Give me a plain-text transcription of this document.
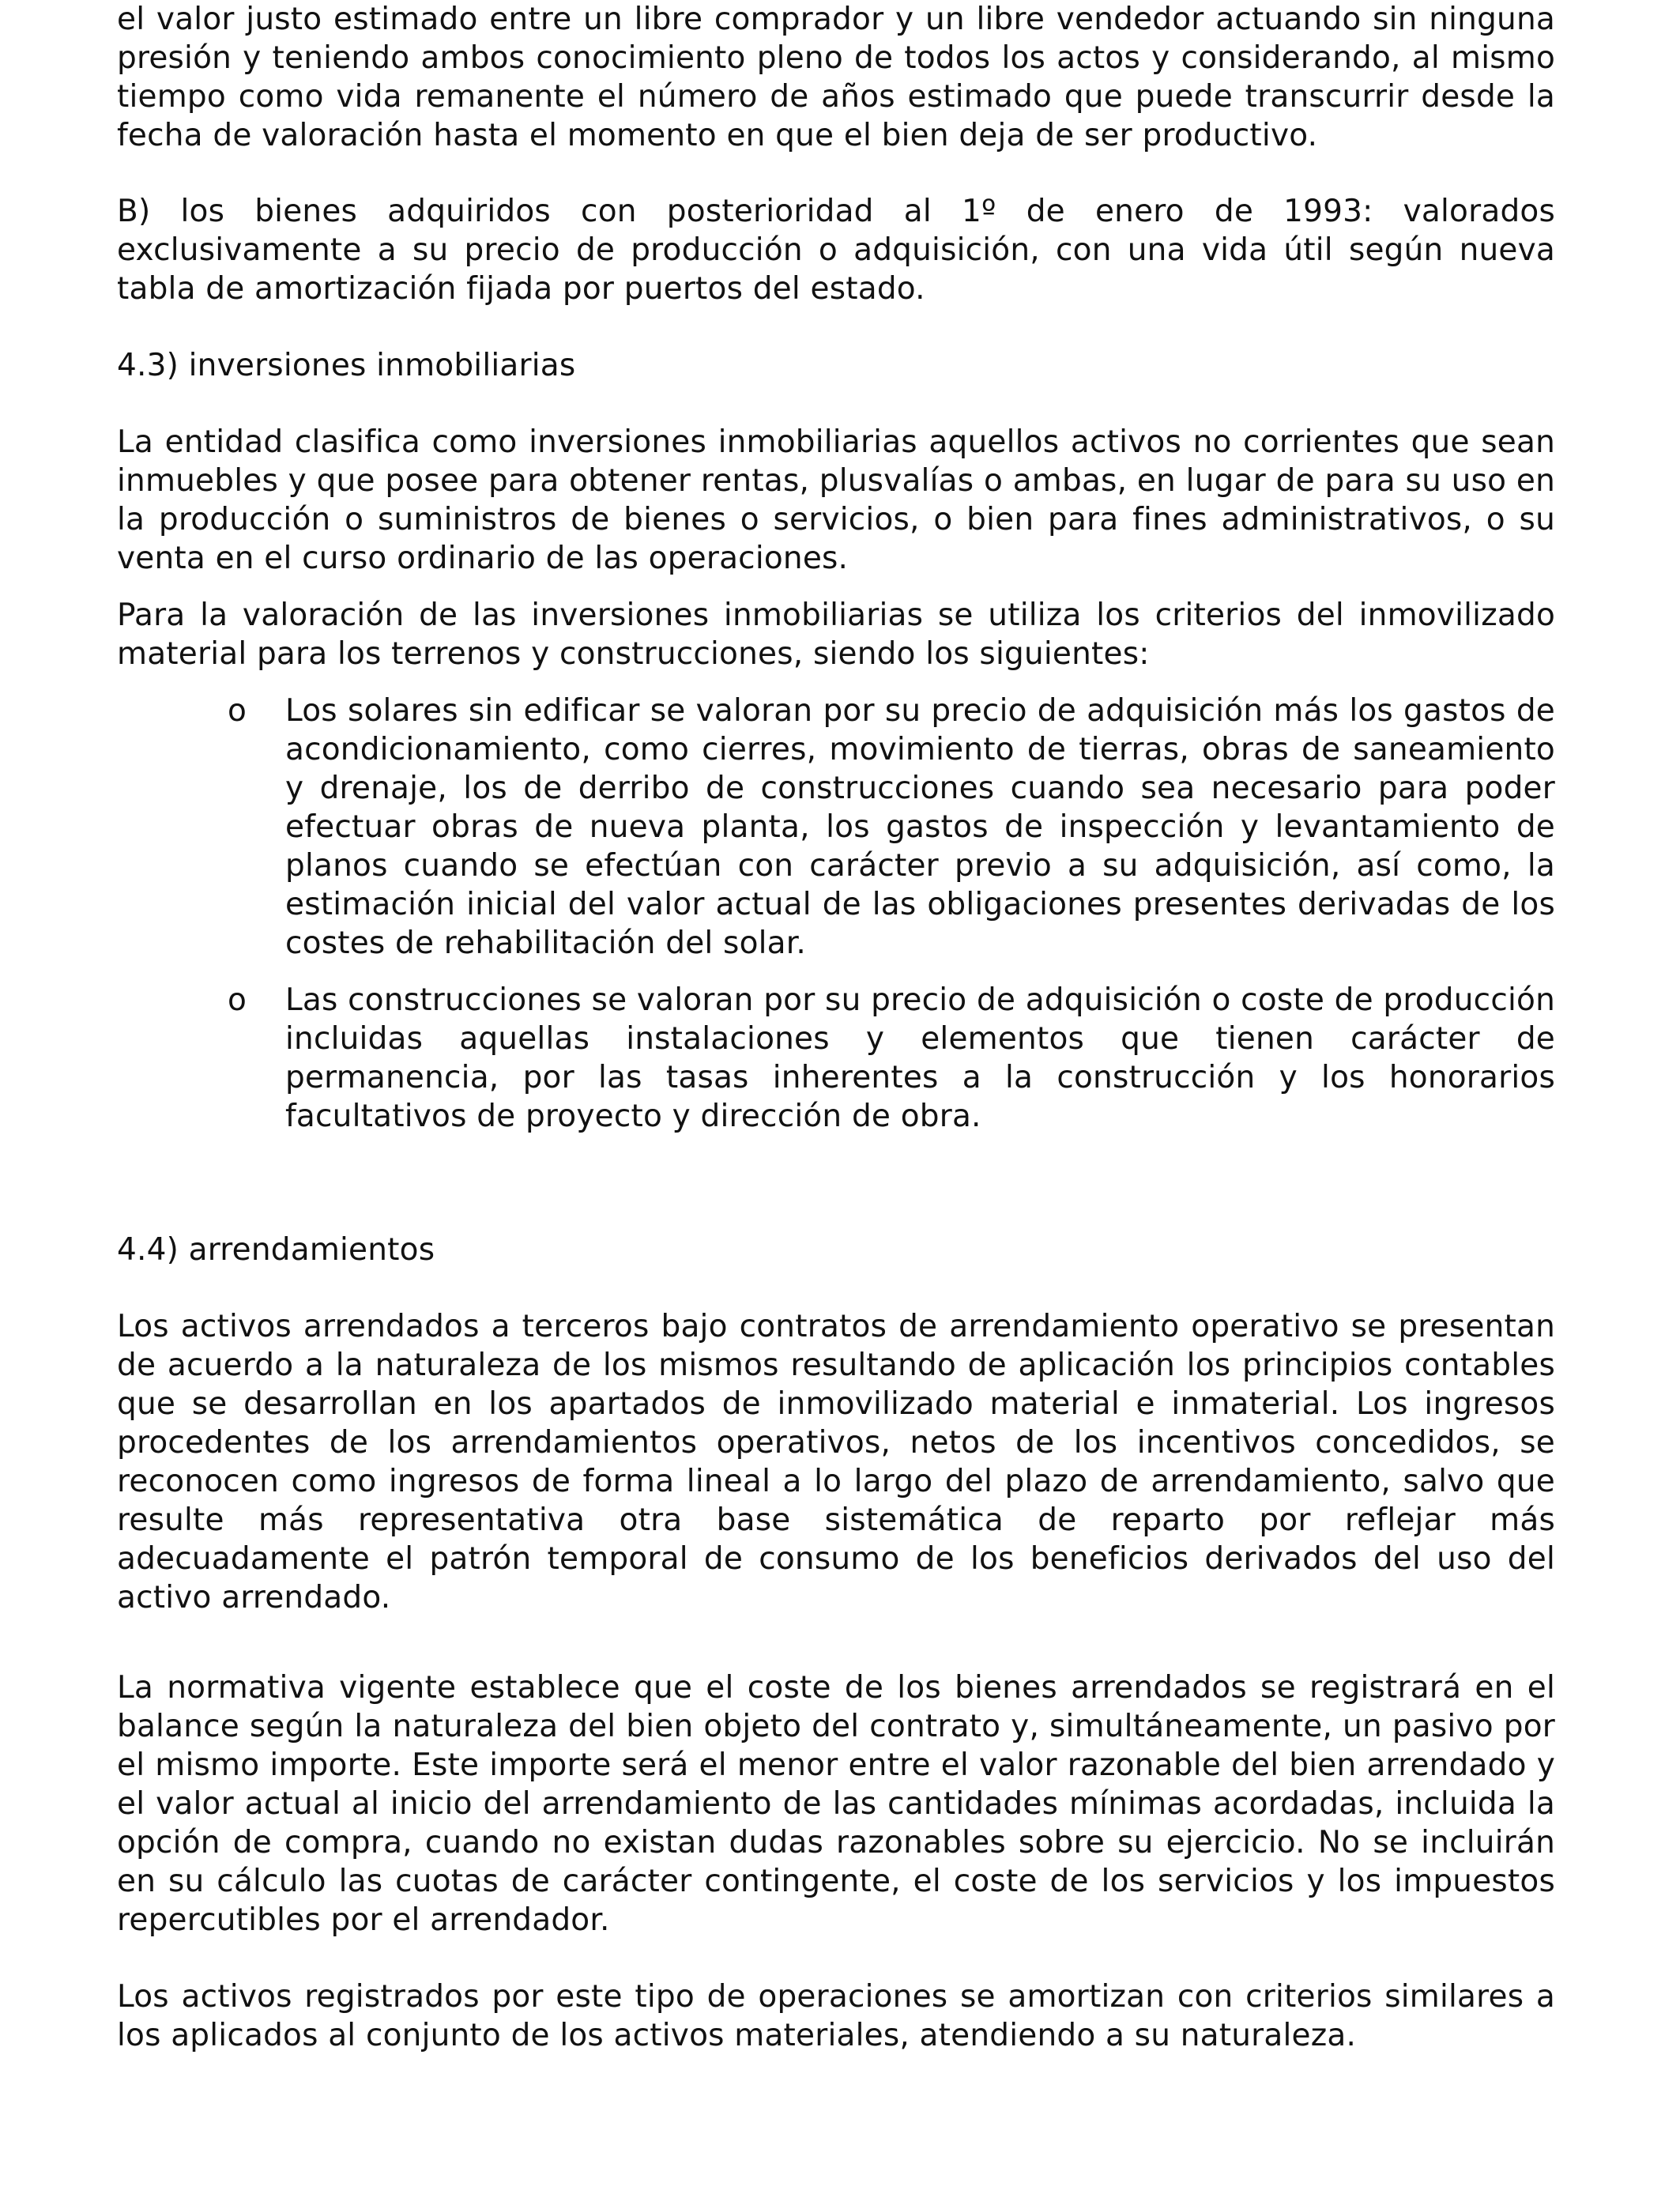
el valor justo estimado entre un libre comprador y un libre vendedor actuando sin ninguna presión y teniendo ambos conocimiento pleno de todos los actos y considerando, al mismo tiempo como vida remanente el número de años estimado que puede transcurrir desde la fecha de valoración hasta el momento en que el bien deja de ser productivo.

B) los bienes adquiridos con posterioridad al 1º de enero de 1993: valorados exclusivamente a su precio de producción o adquisición, con una vida útil según nueva tabla de amortización fijada por puertos del estado.

4.3) inversiones inmobiliarias

La entidad clasifica como inversiones inmobiliarias aquellos activos no corrientes que sean inmuebles y que posee para obtener rentas, plusvalías o ambas, en lugar de para su uso en la producción o suministros de bienes o servicios, o bien para fines administrativos, o su venta en el curso ordinario de las operaciones.

Para la valoración de las inversiones inmobiliarias se utiliza los criterios del inmovilizado material para los terrenos y construcciones, siendo los siguientes:

o Los solares sin edificar se valoran por su precio de adquisición más los gastos de acondicionamiento, como cierres, movimiento de tierras, obras de saneamiento y drenaje, los de derribo de construcciones cuando sea necesario para poder efectuar obras de nueva planta, los gastos de inspección y levantamiento de planos cuando se efectúan con carácter previo a su adquisición, así como, la estimación inicial del valor actual de las obligaciones presentes derivadas de los costes de rehabilitación del solar.
o Las construcciones se valoran por su precio de adquisición o coste de producción incluidas aquellas instalaciones y elementos que tienen carácter de permanencia, por las tasas inherentes a la construcción y los honorarios facultativos de proyecto y dirección de obra.

4.4) arrendamientos

Los activos arrendados a terceros bajo contratos de arrendamiento operativo se presentan de acuerdo a la naturaleza de los mismos resultando de aplicación los principios contables que se desarrollan en los apartados de inmovilizado material e inmaterial. Los ingresos procedentes de los arrendamientos operativos, netos de los incentivos concedidos, se reconocen como ingresos de forma lineal a lo largo del plazo de arrendamiento, salvo que resulte más representativa otra base sistemática de reparto por reflejar más adecuadamente el patrón temporal de consumo de los beneficios derivados del uso del activo arrendado.

La normativa vigente establece que el coste de los bienes arrendados se registrará en el balance según la naturaleza del bien objeto del contrato y, simultáneamente, un pasivo por el mismo importe. Este importe será el menor entre el valor razonable del bien arrendado y el valor actual al inicio del arrendamiento de las cantidades mínimas acordadas, incluida la opción de compra, cuando no existan dudas razonables sobre su ejercicio. No se incluirán en su cálculo las cuotas de carácter contingente, el coste de los servicios y los impuestos repercutibles por el arrendador.

Los activos registrados por este tipo de operaciones se amortizan con criterios similares a los aplicados al conjunto de los activos materiales, atendiendo a su naturaleza.
